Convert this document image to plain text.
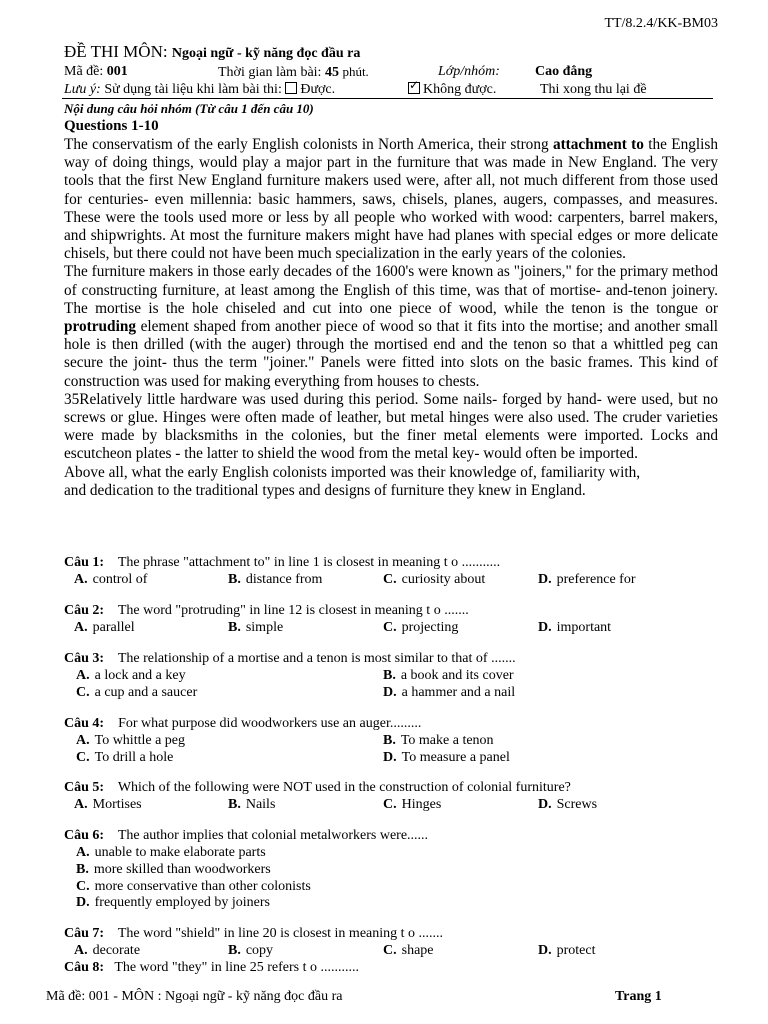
TT/8.2.4/KK-BM03
ĐỀ THI MÔN: Ngoại ngữ - kỹ năng đọc đầu ra
Mã đề: 001	Thời gian làm bài: 45 phút.	Lớp/nhóm:	Cao đẳng
Lưu ý: Sử dụng tài liệu khi làm bài thi: Được.
✓	Không được.	Thi xong thu lại đề
Nội dung câu hỏi nhóm (Từ câu 1 đến câu 10)
Questions 1-10

The conservatism of the early English colonists in North America, their strong attachment to the English way of doing things, would play a major part in the furniture that was made in New England. The very tools that the first New England furniture makers used were, after all, not much different from those used for centuries- even millennia: basic hammers, saws, chisels, planes, augers, compasses, and measures. These were the tools used more or less by all people who worked with wood: carpenters, barrel makers, and shipwrights. At most the furniture makers might have had planes with special edges or more delicate chisels, but there could not have been much specialization in the early years of the colonies.

The furniture makers in those early decades of the 1600's were known as "joiners," for the primary method of constructing furniture, at least among the English of this time, was that of mortise- and-tenon joinery. The mortise is the hole chiseled and cut into one piece of wood, while the tenon is the tongue or protruding element shaped from another piece of wood so that it fits into the mortise; and another small hole is then drilled (with the auger) through the mortised end and the tenon so that a whittled peg can secure the joint- thus the term "joiner." Panels were fitted into slots on the basic frames. This kind of construction was used for making everything from houses to chests.

35Relatively little hardware was used during this period. Some nails- forged by hand- were used, but no screws or glue. Hinges were often made of leather, but metal hinges were also used. The cruder varieties were made by blacksmiths in the colonies, but the finer metal elements were imported. Locks and escutcheon plates - the latter to shield the wood from the metal key- would often be imported.

Above all, what the early English colonists imported was their knowledge of, familiarity with,
and dedication to the traditional types and designs of furniture they knew in England.

Câu 1: The phrase "attachment to" in line 1 is closest in meaning t o ...........
A. control of	B. distance from	C. curiosity about	D. preference for
Câu 2: The word "protruding" in line 12 is closest in meaning t o .......
A. parallel	B. simple	C. projecting	D. important
Câu 3: The relationship of a mortise and a tenon is most similar to that of .......
A. a lock and a key	B. a book and its cover
C. a cup and a saucer	D. a hammer and a nail
Câu 4: For what purpose did woodworkers use an auger.........
A. To whittle a peg	B. To make a tenon
C. To drill a hole	D. To measure a panel
Câu 5: Which of the following were NOT used in the construction of colonial furniture?
A. Mortises	B. Nails	C. Hinges	D. Screws
Câu 6: The author implies that colonial metalworkers were......
A. unable to make elaborate parts
B. more skilled than woodworkers
C. more conservative than other colonists
D. frequently employed by joiners
Câu 7: The word "shield" in line 20 is closest in meaning t o .......
A. decorate	B. copy	C. shape	D. protect
Câu 8: The word "they" in line 25 refers t o ...........
Mã đề: 001 - MÔN : Ngoại ngữ - kỹ năng đọc đầu ra	Trang 1
